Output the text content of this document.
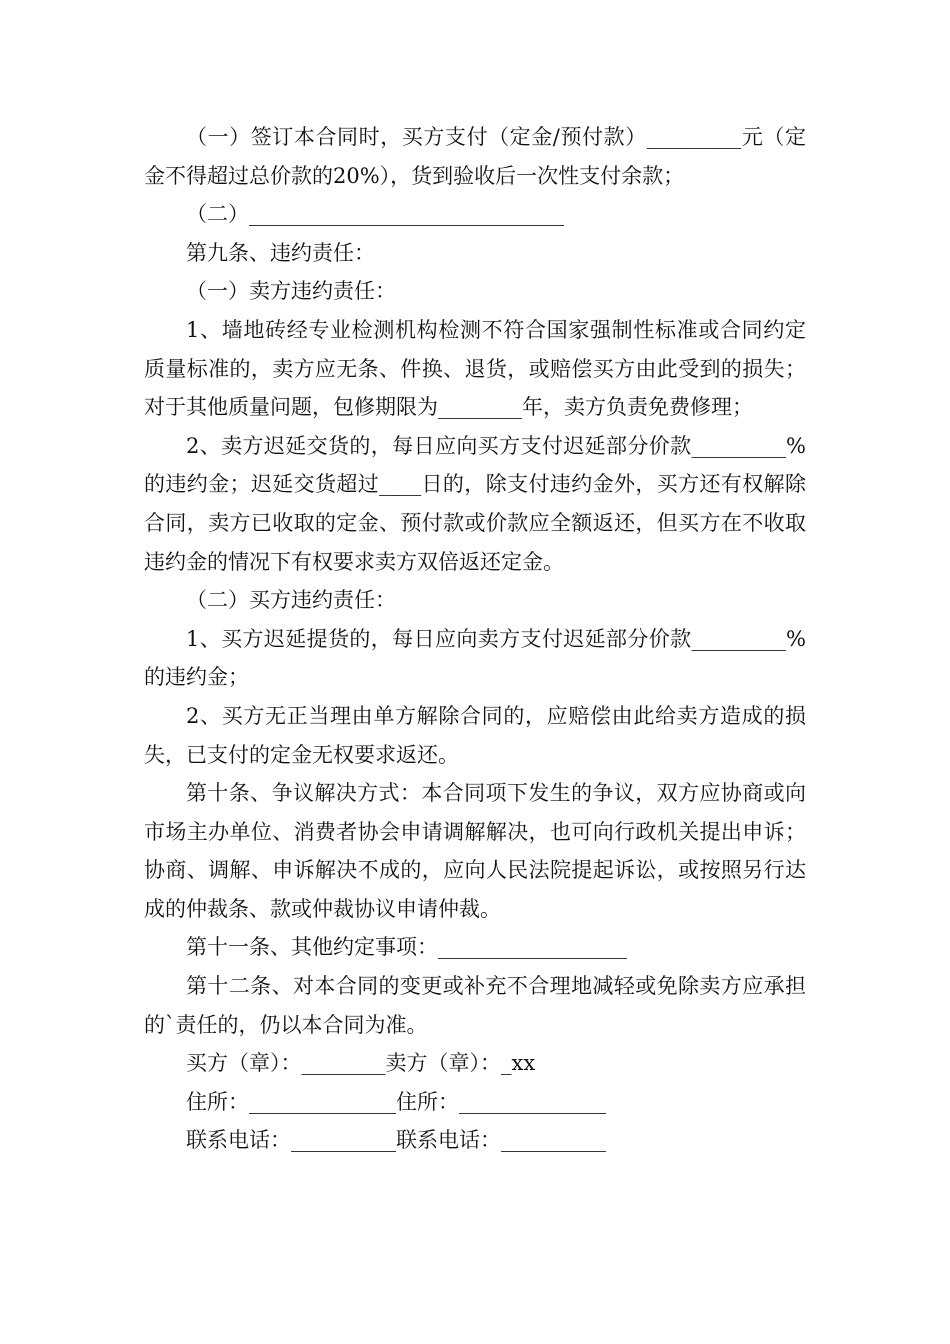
（一）签订本合同时，买方支付（定金/预付款）_________元（定金不得超过总价款的20%），货到验收后一次性支付余款；

（二）______________________________

第九条、违约责任：

（一）卖方违约责任：

1、墙地砖经专业检测机构检测不符合国家强制性标准或合同约定质量标准的，卖方应无条、件换、退货，或赔偿买方由此受到的损失；对于其他质量问题，包修期限为________年，卖方负责免费修理；

2、卖方迟延交货的，每日应向买方支付迟延部分价款_________%的违约金；迟延交货超过____日的，除支付违约金外，买方还有权解除合同，卖方已收取的定金、预付款或价款应全额返还，但买方在不收取违约金的情况下有权要求卖方双倍返还定金。

（二）买方违约责任：

1、买方迟延提货的，每日应向卖方支付迟延部分价款_________%的违约金；

2、买方无正当理由单方解除合同的，应赔偿由此给卖方造成的损失，已支付的定金无权要求返还。

第十条、争议解决方式：本合同项下发生的争议，双方应协商或向市场主办单位、消费者协会申请调解解决，也可向行政机关提出申诉；协商、调解、申诉解决不成的，应向人民法院提起诉讼，或按照另行达成的仲裁条、款或仲裁协议申请仲裁。

第十一条、其他约定事项：__________________

第十二条、对本合同的变更或补充不合理地减轻或免除卖方应承担的`责任的，仍以本合同为准。

买方（章）：________卖方（章）：_xx

住所：______________住所：______________

联系电话：__________联系电话：__________
